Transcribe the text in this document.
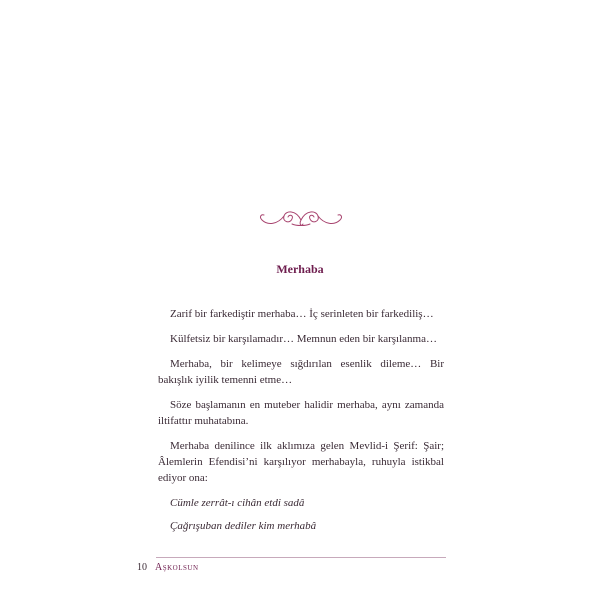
Merhaba

Zarif bir farkediştir merhaba… İç serinleten bir farkediliş…

Külfetsiz bir karşılamadır… Memnun eden bir karşılanma…

Merhaba, bir kelimeye sığdırılan esenlik dileme… Bir bakışlık iyilik temenni etme…

Söze başlamanın en muteber halidir merhaba, aynı zamanda iltifattır muhatabına.

Merhaba denilince ilk aklımıza gelen Mevlid-i Şerif: Şair; Âlemlerin Efendisi’ni karşılıyor merhabayla, ruhuyla istikbal ediyor ona:

Cümle zerrât-ı cihân etdi sadâ

Çağrışuban dediler kim merhabâ

10 Aşkolsun
